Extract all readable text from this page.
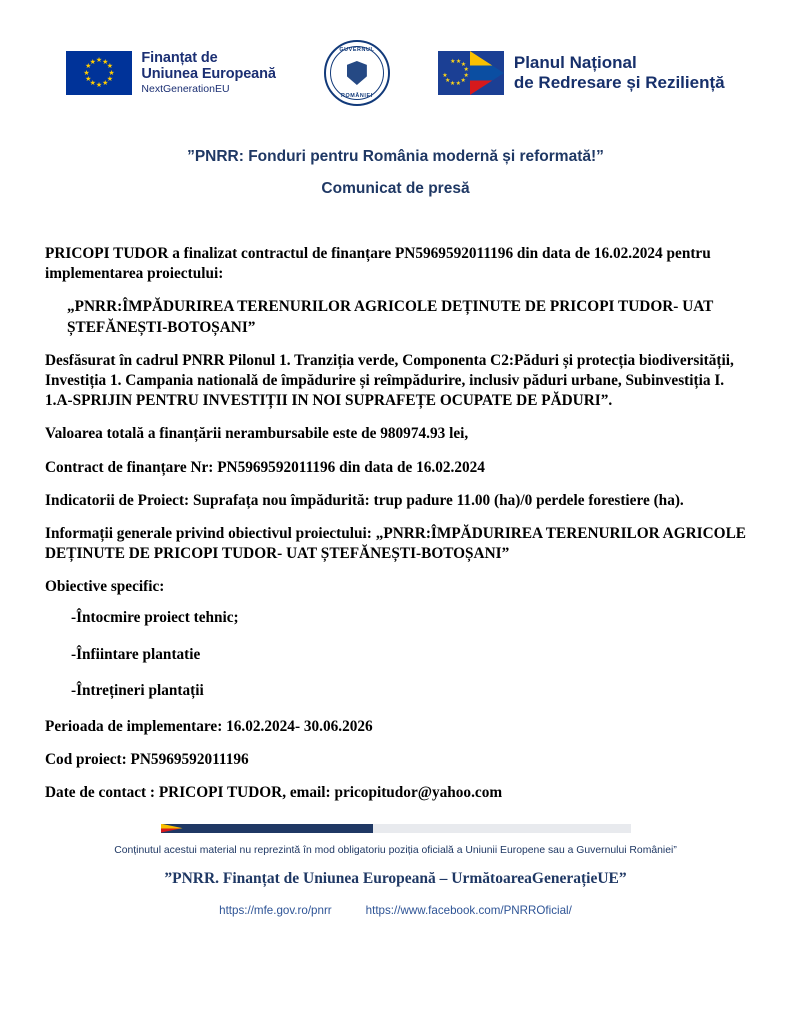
★ ★
★
★
★
★
★
★
★
★
★
★	Finanțat de
Uniunea Europeană
NextGenerationEU
GUVERNUL
ROMÂNIEI
★ ★ ★
★
★
★
★
★
★
★
Planul Național
de Redresare și Reziliență
”PNRR: Fonduri pentru România modernă și reformată!”
Comunicat de presă

PRICOPI TUDOR a finalizat contractul de finanțare PN5969592011196 din data de 16.02.2024 pentru implementarea proiectului:

„PNRR:ÎMPĂDURIREA TERENURILOR AGRICOLE DEȚINUTE DE PRICOPI TUDOR- UAT ȘTEFĂNEȘTI-BOTOȘANI”

Desfăsurat în cadrul PNRR Pilonul 1. Tranziția verde, Componenta C2:Păduri și protecția biodiversității, Investiția 1. Campania nationalǎ de împădurire și reîmpădurire, inclusiv păduri urbane, Subinvestiția I. 1.A-SPRIJIN PENTRU INVESTIȚII IN NOI SUPRAFEȚE OCUPATE DE PĂDURI”.

Valoarea totală a finanțării nerambursabile este de 980974.93 lei,

Contract de finanțare Nr: PN5969592011196 din data de 16.02.2024

Indicatorii de Proiect: Suprafața nou împădurită: trup padure 11.00 (ha)/0 perdele forestiere (ha).

Informații generale privind obiectivul proiectului: „PNRR:ÎMPĂDURIREA TERENURILOR AGRICOLE DEȚINUTE DE PRICOPI TUDOR- UAT ȘTEFĂNEȘTI-BOTOȘANI”

Obiective specific:

-Întocmire proiect tehnic;

-Înfiintare plantatie

-Întrețineri plantații

Perioada de implementare: 16.02.2024- 30.06.2026

Cod proiect: PN5969592011196

Date de contact : PRICOPI TUDOR, email: pricopitudor@yahoo.com

Conținutul acestui material nu reprezintă în mod obligatoriu poziția oficială a Uniunii Europene sau a Guvernului României”
”PNRR. Finanțat de Uniunea Europeană – UrmătoareaGenerațieUE”
https://mfe.gov.ro/pnrr	https://www.facebook.com/PNRROficial/
